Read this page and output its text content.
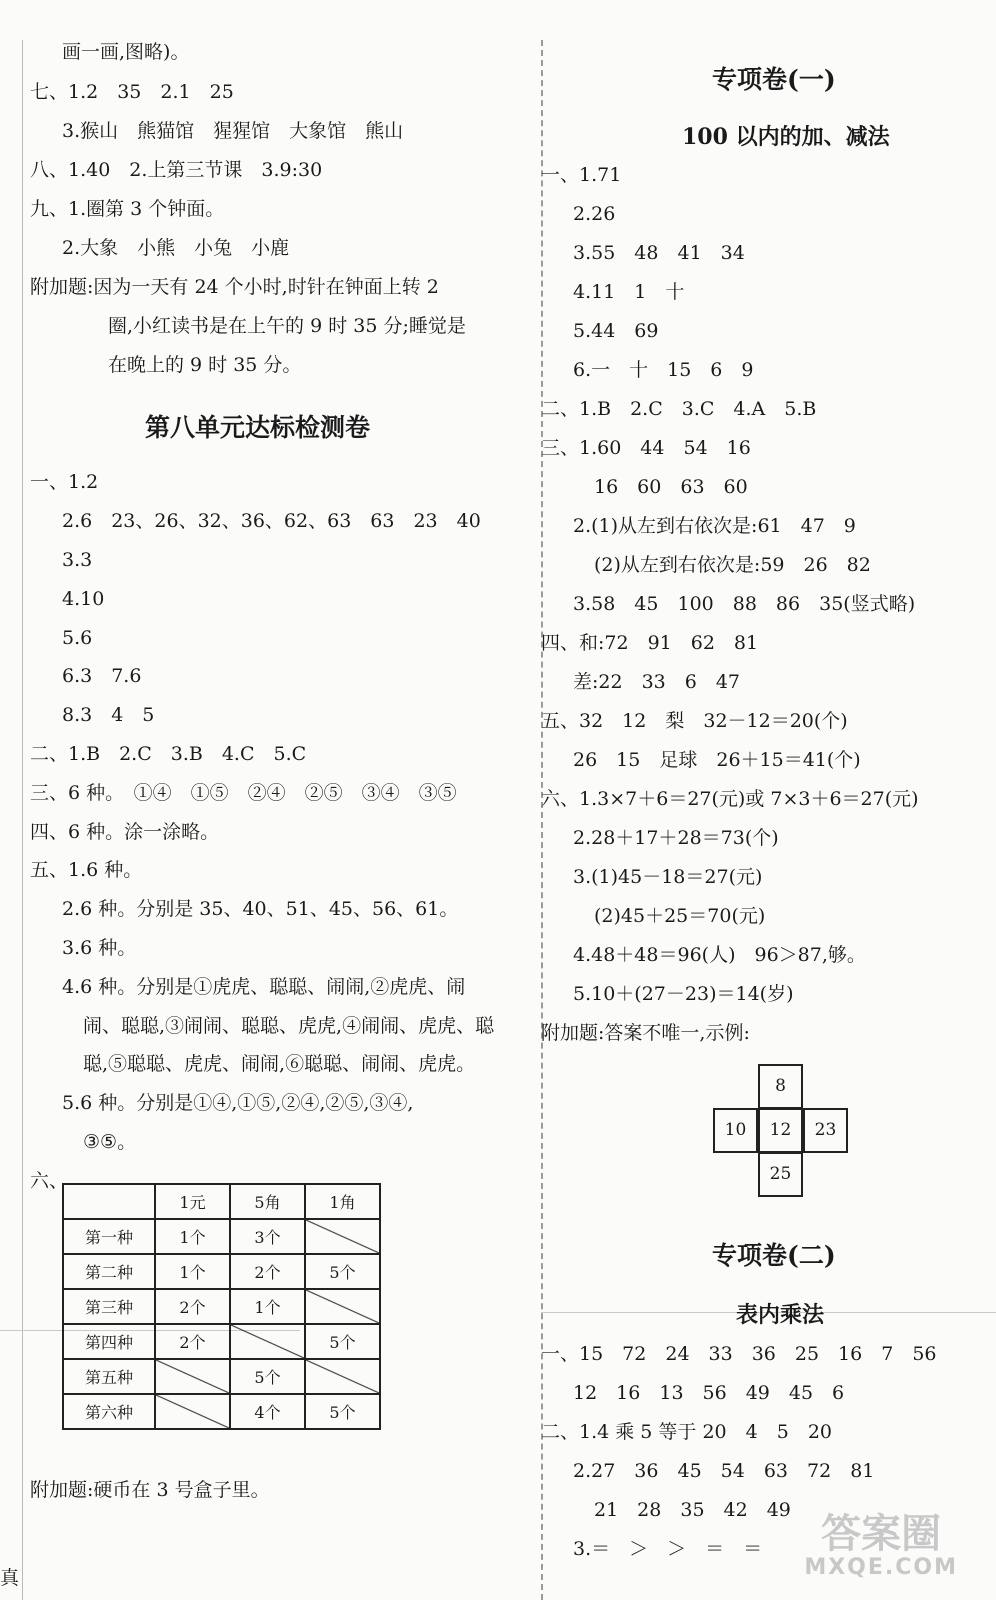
画一画,图略)。
七、1.2　35　2.1　25
3.猴山　熊猫馆　猩猩馆　大象馆　熊山
八、1.40　2.上第三节课　3.9:30
九、1.圈第 3 个钟面。
2.大象　小熊　小兔　小鹿
附加题:因为一天有 24 个小时,时针在钟面上转 2
圈,小红读书是在上午的 9 时 35 分;睡觉是
在晚上的 9 时 35 分。
第八单元达标检测卷
一、1.2
2.6　23、26、32、36、62、63　63　23　40
3.3
4.10
5.6
6.3　7.6
8.3　4　5
二、1.B　2.C　3.B　4.C　5.C
三、6 种。　①④　①⑤　②④　②⑤　③④　③⑤
四、6 种。涂一涂略。
五、1.6 种。
2.6 种。分别是 35、40、51、45、56、61。
3.6 种。
4.6 种。分别是①虎虎、聪聪、闹闹,②虎虎、闹
闹、聪聪,③闹闹、聪聪、虎虎,④闹闹、虎虎、聪
聪,⑤聪聪、虎虎、闹闹,⑥聪聪、闹闹、虎虎。
5.6 种。分别是①④,①⑤,②④,②⑤,③④,
③⑤。
六、
	1元	5角	1角
第一种	1个	3个	
第二种	1个	2个	5个
第三种	2个	1个	
第四种	2个		5个
第五种		5个	
第六种		4个	5个
附加题:硬币在 3 号盒子里。
真
专项卷(一)
100 以内的加、减法
一、1.71
2.26
3.55　48　41　34
4.11　1　十
5.44　69
6.一　十　15　6　9
二、1.B　2.C　3.C　4.A　5.B
三、1.60　44　54　16
16　60　63　60
2.(1)从左到右依次是:61　47　9
(2)从左到右依次是:59　26　82
3.58　45　100　88　86　35(竖式略)
四、和:72　91　62　81
差:22　33　6　47
五、32　12　梨　32－12＝20(个)
26　15　足球　26＋15＝41(个)
六、1.3×7＋6＝27(元)或 7×3＋6＝27(元)
2.28＋17＋28＝73(个)
3.(1)45－18＝27(元)
(2)45＋25＝70(元)
4.48＋48＝96(人)　96＞87,够。
5.10＋(27－23)＝14(岁)
附加题:答案不唯一,示例:
8
10	12	23
25
专项卷(二)
表内乘法
一、15　72　24　33　36　25　16　7　56
12　16　13　56　49　45　6
二、1.4 乘 5 等于 20　4　5　20
2.27　36　45　54　63　72　81
21　28　35　42　49
3.＝　＞　＞　＝　＝	答案圈
MXQE.COM
